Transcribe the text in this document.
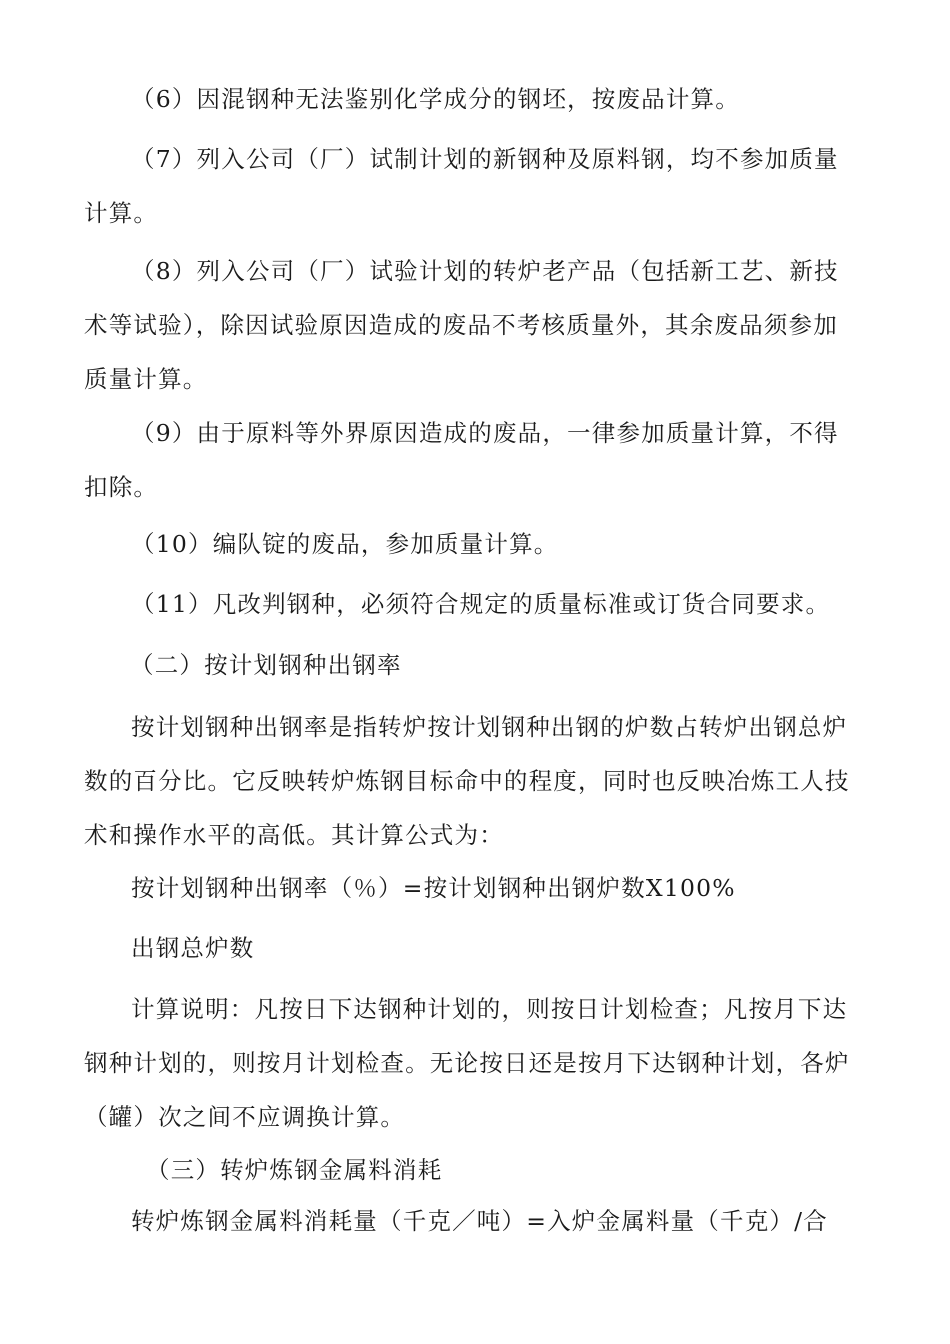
（6）因混钢种无法鉴别化学成分的钢坯，按废品计算。

（7）列入公司（厂）试制计划的新钢种及原料钢，均不参加质量计算。

（8）列入公司（厂）试验计划的转炉老产品（包括新工艺、新技术等试验），除因试验原因造成的废品不考核质量外，其余废品须参加质量计算。

（9）由于原料等外界原因造成的废品，一律参加质量计算，不得扣除。

（10）编队锭的废品，参加质量计算。

（11）凡改判钢种，必须符合规定的质量标准或订货合同要求。

（二）按计划钢种出钢率

按计划钢种出钢率是指转炉按计划钢种出钢的炉数占转炉出钢总炉数的百分比。它反映转炉炼钢目标命中的程度，同时也反映冶炼工人技术和操作水平的高低。其计算公式为：

按计划钢种出钢率（％）=按计划钢种出钢炉数X100%

出钢总炉数

计算说明：凡按日下达钢种计划的，则按日计划检查；凡按月下达钢种计划的，则按月计划检查。无论按日还是按月下达钢种计划，各炉（罐）次之间不应调换计算。

（三）转炉炼钢金属料消耗

转炉炼钢金属料消耗量（千克／吨）=入炉金属料量（千克）/合
